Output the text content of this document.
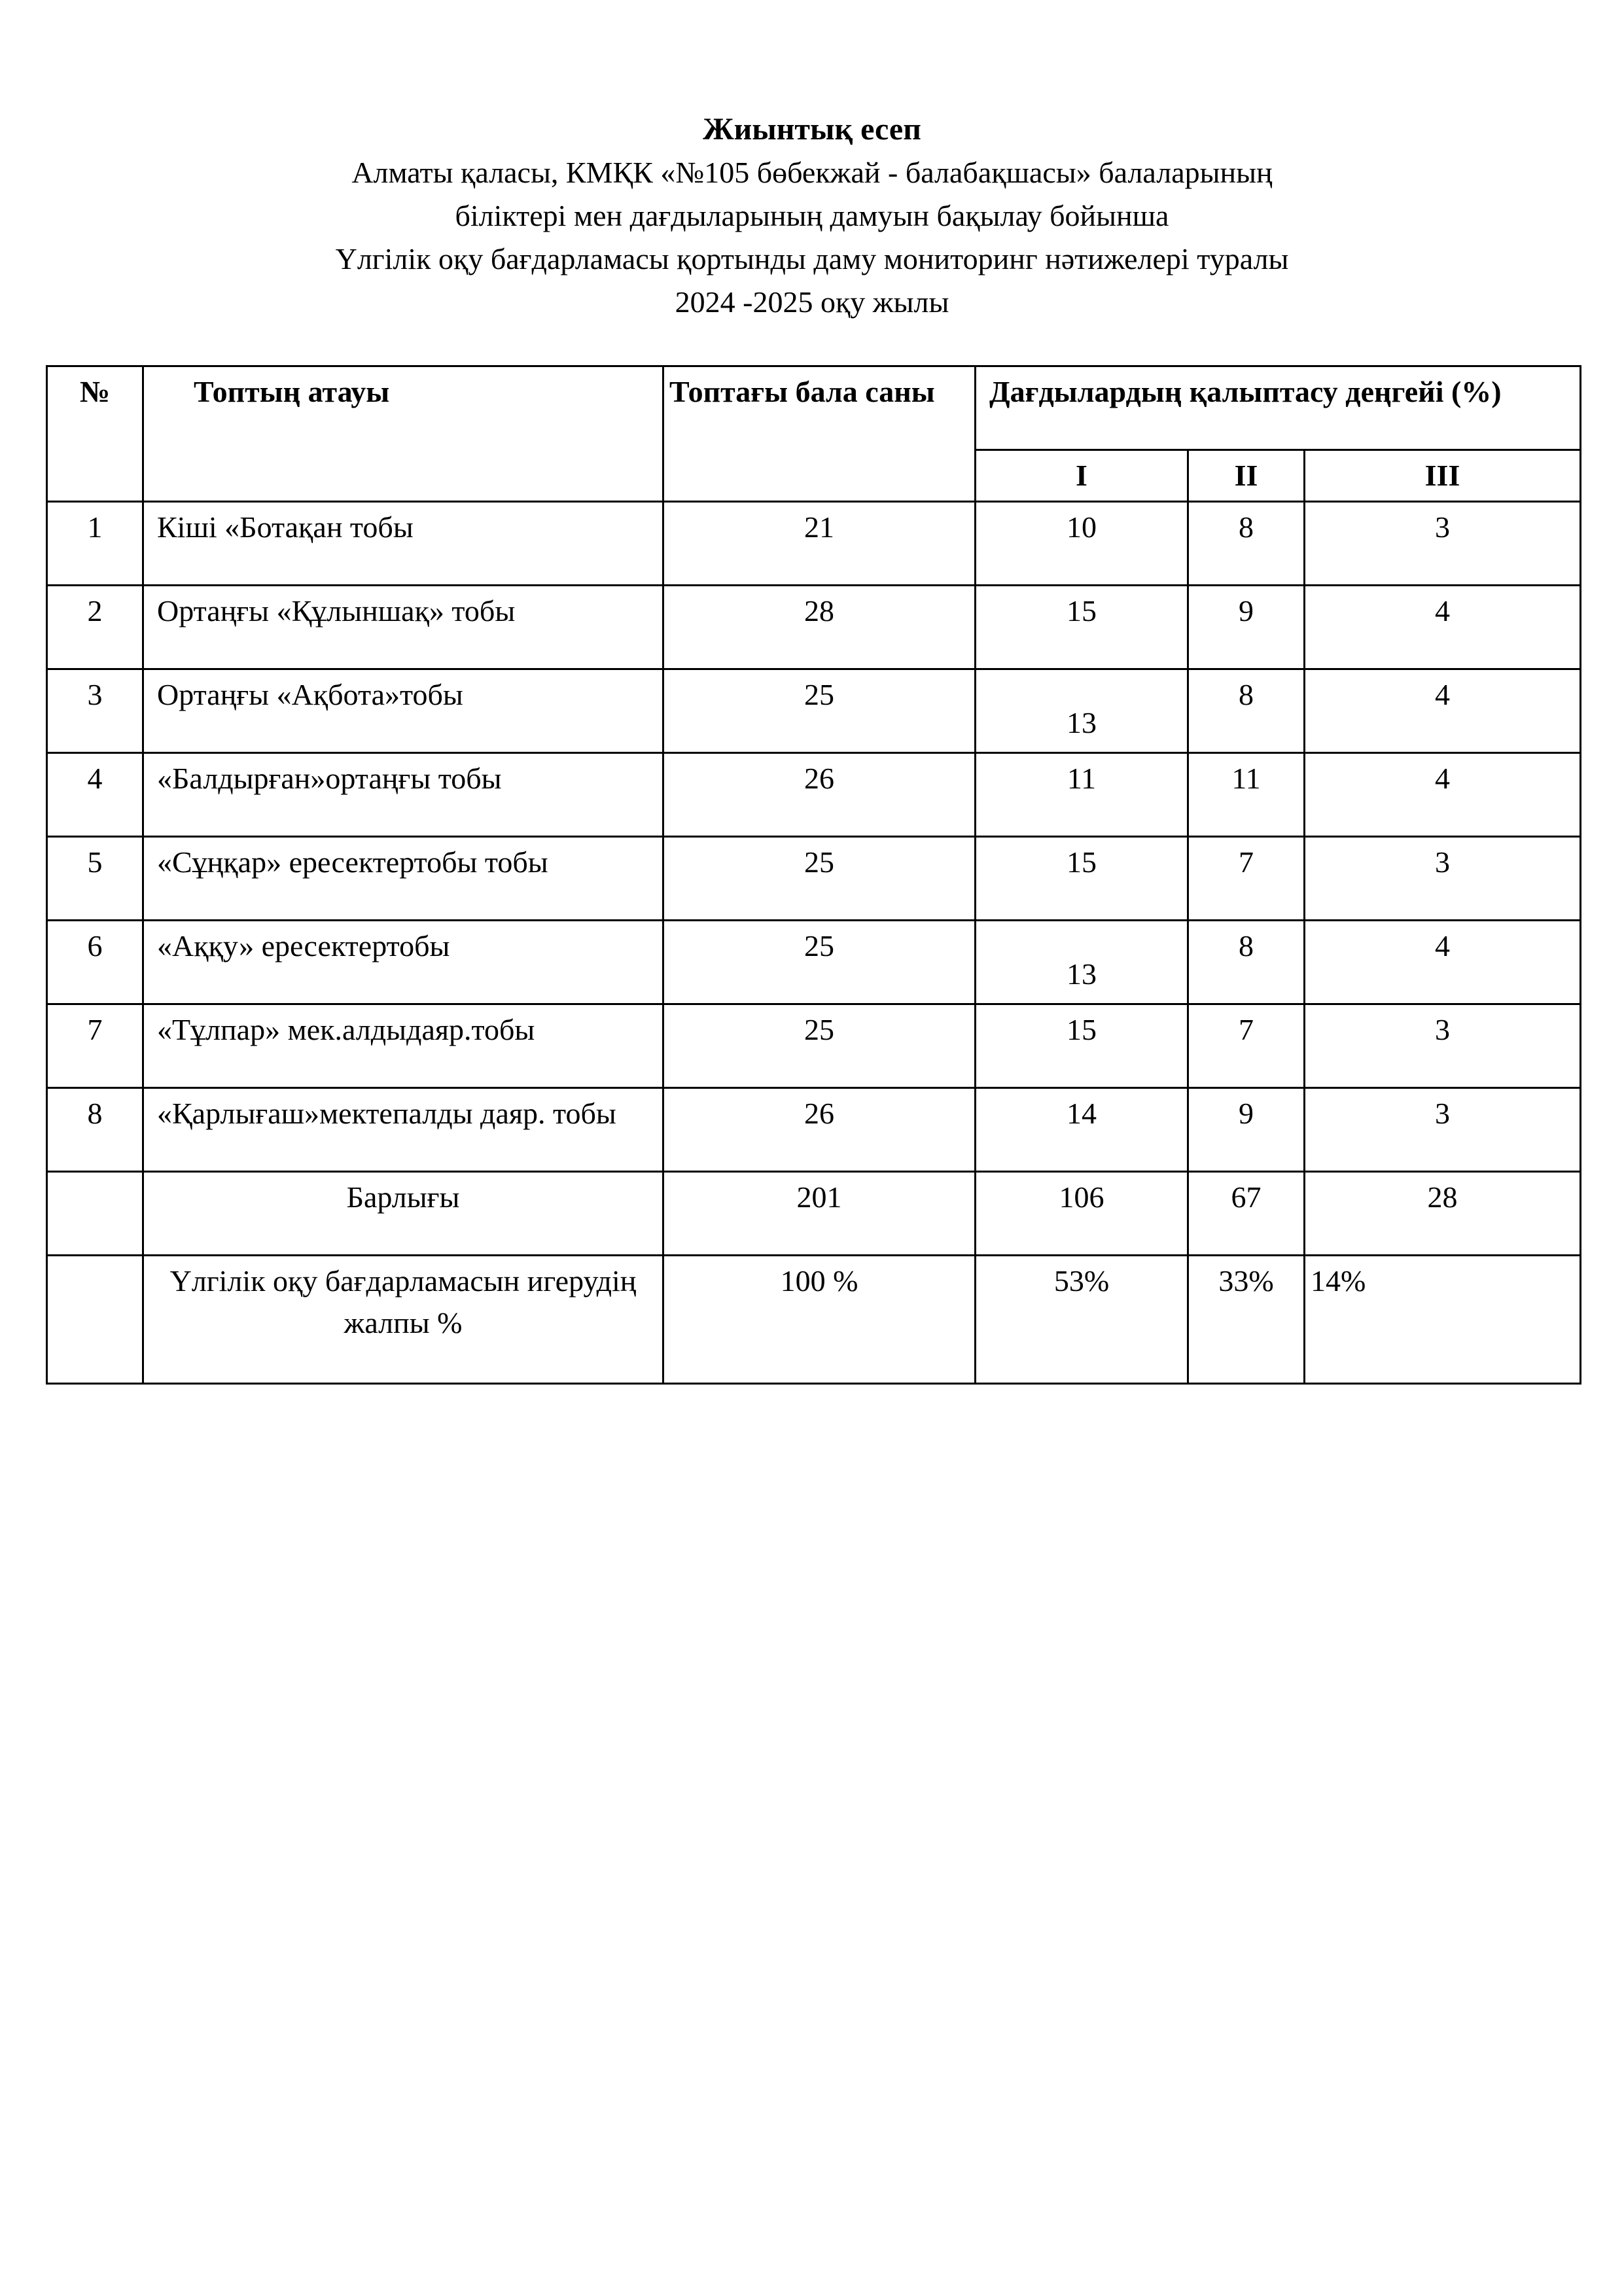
Жиынтық есеп
Алматы қаласы, КМҚК «№105 бөбекжай - балабақшасы» балаларының
біліктері мен дағдыларының дамуын бақылау бойынша
Үлгілік оқу бағдарламасы қортынды даму мониторинг нәтижелері туралы
2024 -2025 оқу жылы
№	Топтың атауы	Топтағы бала саны	Дағдылардың қалыптасу деңгейі (%)		
			I	II	III
1	Кіші «Ботақан тобы	21	10	8	3
2	Ортаңғы «Құлыншақ» тобы	28	15	9	4
3	Ортаңғы «Ақбота»тобы	25	13	8	4
4	«Балдырған»ортаңғы тобы	26	11	11	4
5	«Сұңқар» ересектертобы тобы	25	15	7	3
6	«Аққу» ересектертобы	25	13	8	4
7	«Тұлпар» мек.алдыдаяр.тобы	25	15	7	3
8	«Қарлығаш»мектепалды даяр. тобы	26	14	9	3
	Барлығы	201	106	67	28
	Үлгілік оқу бағдарламасын игерудің жалпы %	100 %	53%	33%	14%
